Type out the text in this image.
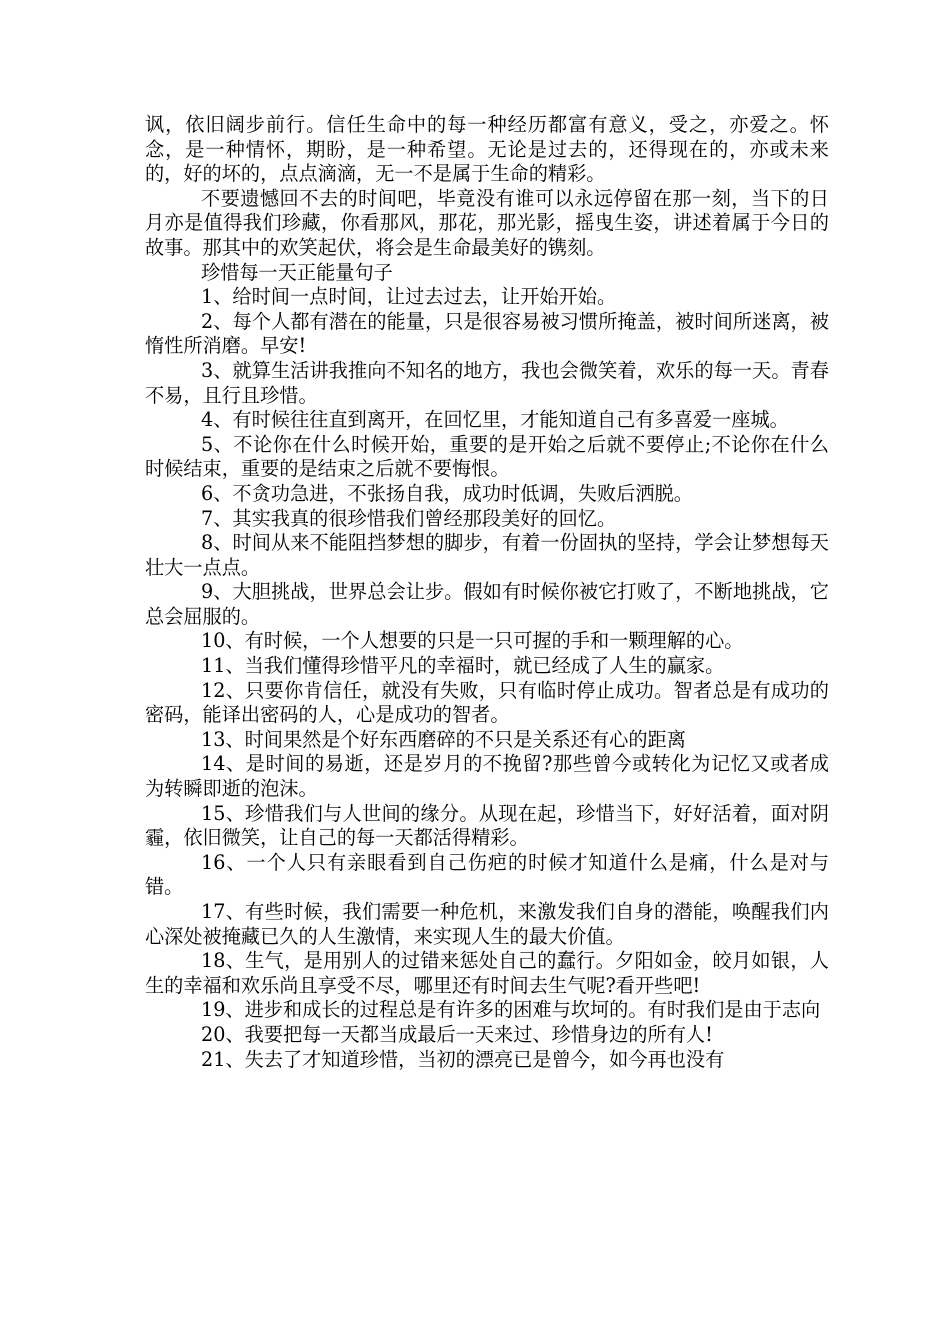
讽，依旧阔步前行。信任生命中的每一种经历都富有意义，受之，亦爱之。怀念，是一种情怀，期盼，是一种希望。无论是过去的，还得现在的，亦或未来的，好的坏的，点点滴滴，无一不是属于生命的精彩。

不要遗憾回不去的时间吧，毕竟没有谁可以永远停留在那一刻，当下的日月亦是值得我们珍藏，你看那风，那花，那光影，摇曳生姿，讲述着属于今日的故事。那其中的欢笑起伏，将会是生命最美好的镌刻。

珍惜每一天正能量句子

1、给时间一点时间，让过去过去，让开始开始。

2、每个人都有潜在的能量，只是很容易被习惯所掩盖，被时间所迷离，被惰性所消磨。早安!

3、就算生活讲我推向不知名的地方，我也会微笑着，欢乐的每一天。青春不易，且行且珍惜。

4、有时候往往直到离开，在回忆里，才能知道自己有多喜爱一座城。

5、不论你在什么时候开始，重要的是开始之后就不要停止;不论你在什么时候结束，重要的是结束之后就不要悔恨。

6、不贪功急进，不张扬自我，成功时低调，失败后洒脱。

7、其实我真的很珍惜我们曾经那段美好的回忆。

8、时间从来不能阻挡梦想的脚步，有着一份固执的坚持，学会让梦想每天壮大一点点。

9、大胆挑战，世界总会让步。假如有时候你被它打败了，不断地挑战，它总会屈服的。

10、有时候，一个人想要的只是一只可握的手和一颗理解的心。

11、当我们懂得珍惜平凡的幸福时，就已经成了人生的赢家。

12、只要你肯信任，就没有失败，只有临时停止成功。智者总是有成功的密码，能译出密码的人，心是成功的智者。

13、时间果然是个好东西磨碎的不只是关系还有心的距离

14、是时间的易逝，还是岁月的不挽留?那些曾今或转化为记忆又或者成为转瞬即逝的泡沫。

15、珍惜我们与人世间的缘分。从现在起，珍惜当下，好好活着，面对阴霾，依旧微笑，让自己的每一天都活得精彩。

16、一个人只有亲眼看到自己伤疤的时候才知道什么是痛，什么是对与错。

17、有些时候，我们需要一种危机，来激发我们自身的潜能，唤醒我们内心深处被掩藏已久的人生激情，来实现人生的最大价值。

18、生气，是用别人的过错来惩处自己的蠢行。夕阳如金，皎月如银，人生的幸福和欢乐尚且享受不尽，哪里还有时间去生气呢?看开些吧!

19、进步和成长的过程总是有许多的困难与坎坷的。有时我们是由于志向

20、我要把每一天都当成最后一天来过、珍惜身边的所有人!

21、失去了才知道珍惜，当初的漂亮已是曾今，如今再也没有
